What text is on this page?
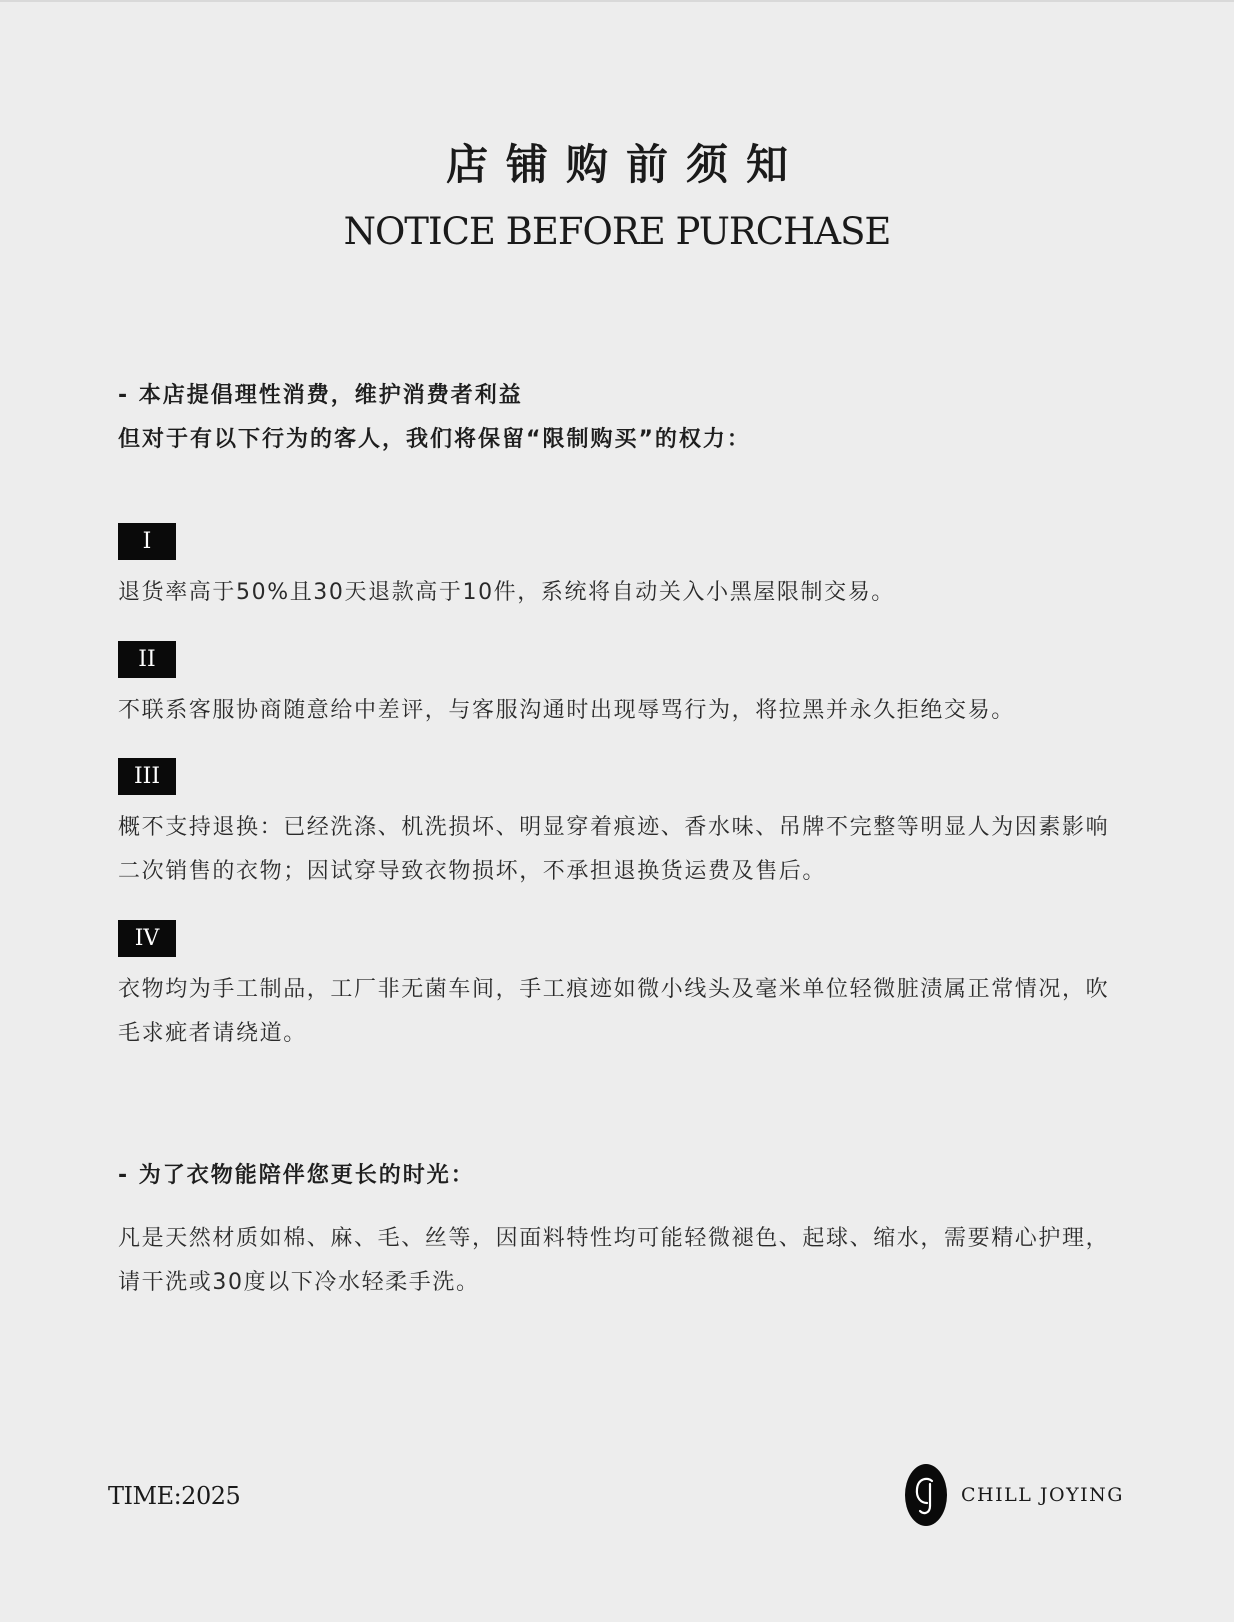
店铺购前须知
NOTICE BEFORE PURCHASE
- 本店提倡理性消费，维护消费者利益
但对于有以下行为的客人，我们将保留“限制购买”的权力：
I
退货率高于50%且30天退款高于10件，系统将自动关入小黑屋限制交易。
II
不联系客服协商随意给中差评，与客服沟通时出现辱骂行为，将拉黑并永久拒绝交易。
III
概不支持退换：已经洗涤、机洗损坏、明显穿着痕迹、香水味、吊牌不完整等明显人为因素影响二次销售的衣物；因试穿导致衣物损坏，不承担退换货运费及售后。
IV
衣物均为手工制品，工厂非无菌车间，手工痕迹如微小线头及毫米单位轻微脏渍属正常情况，吹毛求疵者请绕道。
- 为了衣物能陪伴您更长的时光：
凡是天然材质如棉、麻、毛、丝等，因面料特性均可能轻微褪色、起球、缩水，需要精心护理，请干洗或30度以下冷水轻柔手洗。
TIME:2025	CHILL JOYING
